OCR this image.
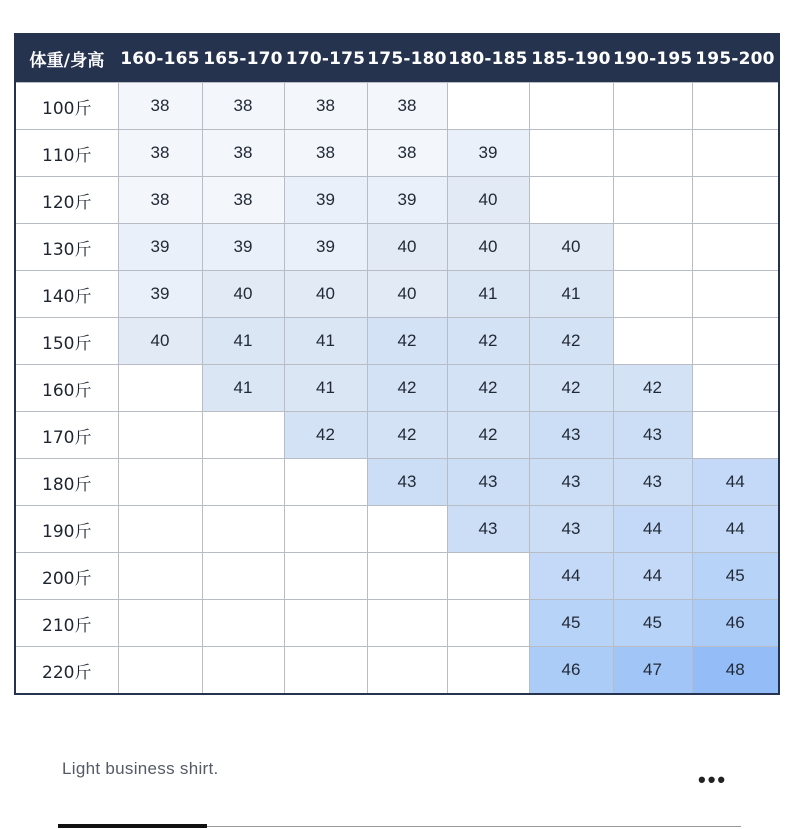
体重/身高	160-165	165-170	170-175	175-180	180-185	185-190	190-195	195-200
100斤	38	38	38	38				
110斤	38	38	38	38	39			
120斤	38	38	39	39	40			
130斤	39	39	39	40	40	40		
140斤	39	40	40	40	41	41		
150斤	40	41	41	42	42	42		
160斤		41	41	42	42	42	42	
170斤			42	42	42	43	43	
180斤				43	43	43	43	44
190斤					43	43	44	44
200斤						44	44	45
210斤						45	45	46
220斤						46	47	48
Light business shirt.	•••
